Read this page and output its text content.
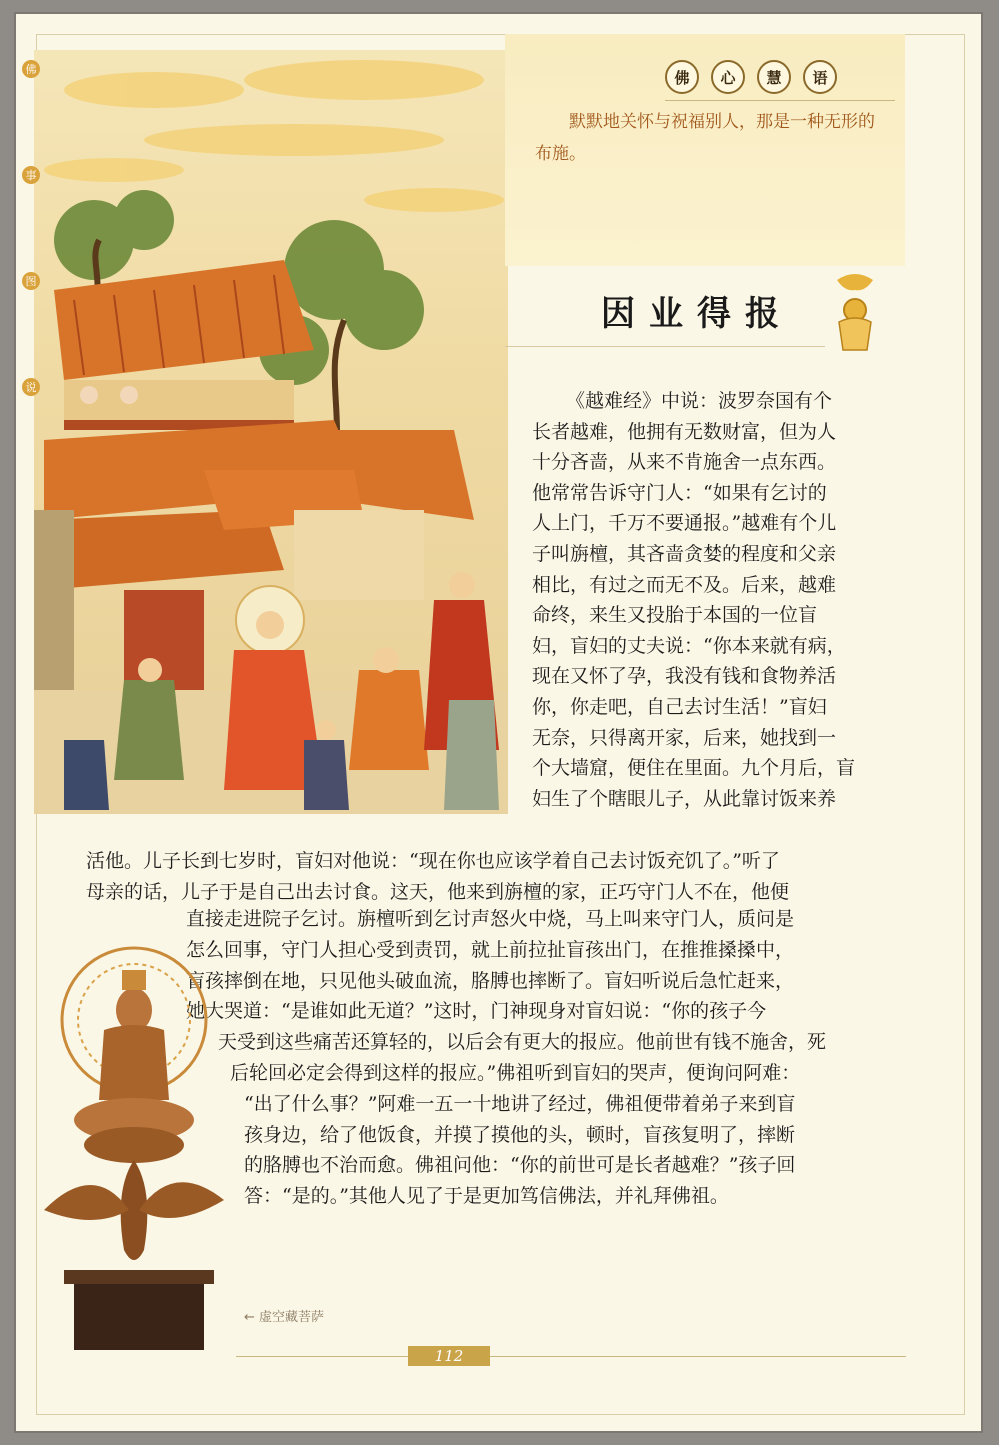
佛
事
图
说
佛	心	慧	语
默默地关怀与祝福别人，那是一种无形的布施。
因业得报
《越难经》中说：波罗奈国有个
长者越难，他拥有无数财富，但为人
十分吝啬，从来不肯施舍一点东西。
他常常告诉守门人：“如果有乞讨的
人上门，千万不要通报。”越难有个儿
子叫旃檀，其吝啬贪婪的程度和父亲
相比，有过之而无不及。后来，越难
命终，来生又投胎于本国的一位盲
妇，盲妇的丈夫说：“你本来就有病，
现在又怀了孕，我没有钱和食物养活
你，你走吧，自己去讨生活！”盲妇
无奈，只得离开家，后来，她找到一
个大墙窟，便住在里面。九个月后，盲
妇生了个瞎眼儿子，从此靠讨饭来养
活他。儿子长到七岁时，盲妇对他说：“现在你也应该学着自己去讨饭充饥了。”听了
母亲的话，儿子于是自己出去讨食。这天，他来到旃檀的家，正巧守门人不在，他便
直接走进院子乞讨。旃檀听到乞讨声怒火中烧，马上叫来守门人，质问是
怎么回事，守门人担心受到责罚，就上前拉扯盲孩出门，在推推搡搡中，
盲孩摔倒在地，只见他头破血流，胳膊也摔断了。盲妇听说后急忙赶来，
她大哭道：“是谁如此无道？”这时，门神现身对盲妇说：“你的孩子今
天受到这些痛苦还算轻的，以后会有更大的报应。他前世有钱不施舍，死
后轮回必定会得到这样的报应。”佛祖听到盲妇的哭声，便询问阿难：
“出了什么事？”阿难一五一十地讲了经过，佛祖便带着弟子来到盲
孩身边，给了他饭食，并摸了摸他的头，顿时，盲孩复明了，摔断
的胳膊也不治而愈。佛祖问他：“你的前世可是长者越难？”孩子回
答：“是的。”其他人见了于是更加笃信佛法，并礼拜佛祖。
← 虚空藏菩萨
112
